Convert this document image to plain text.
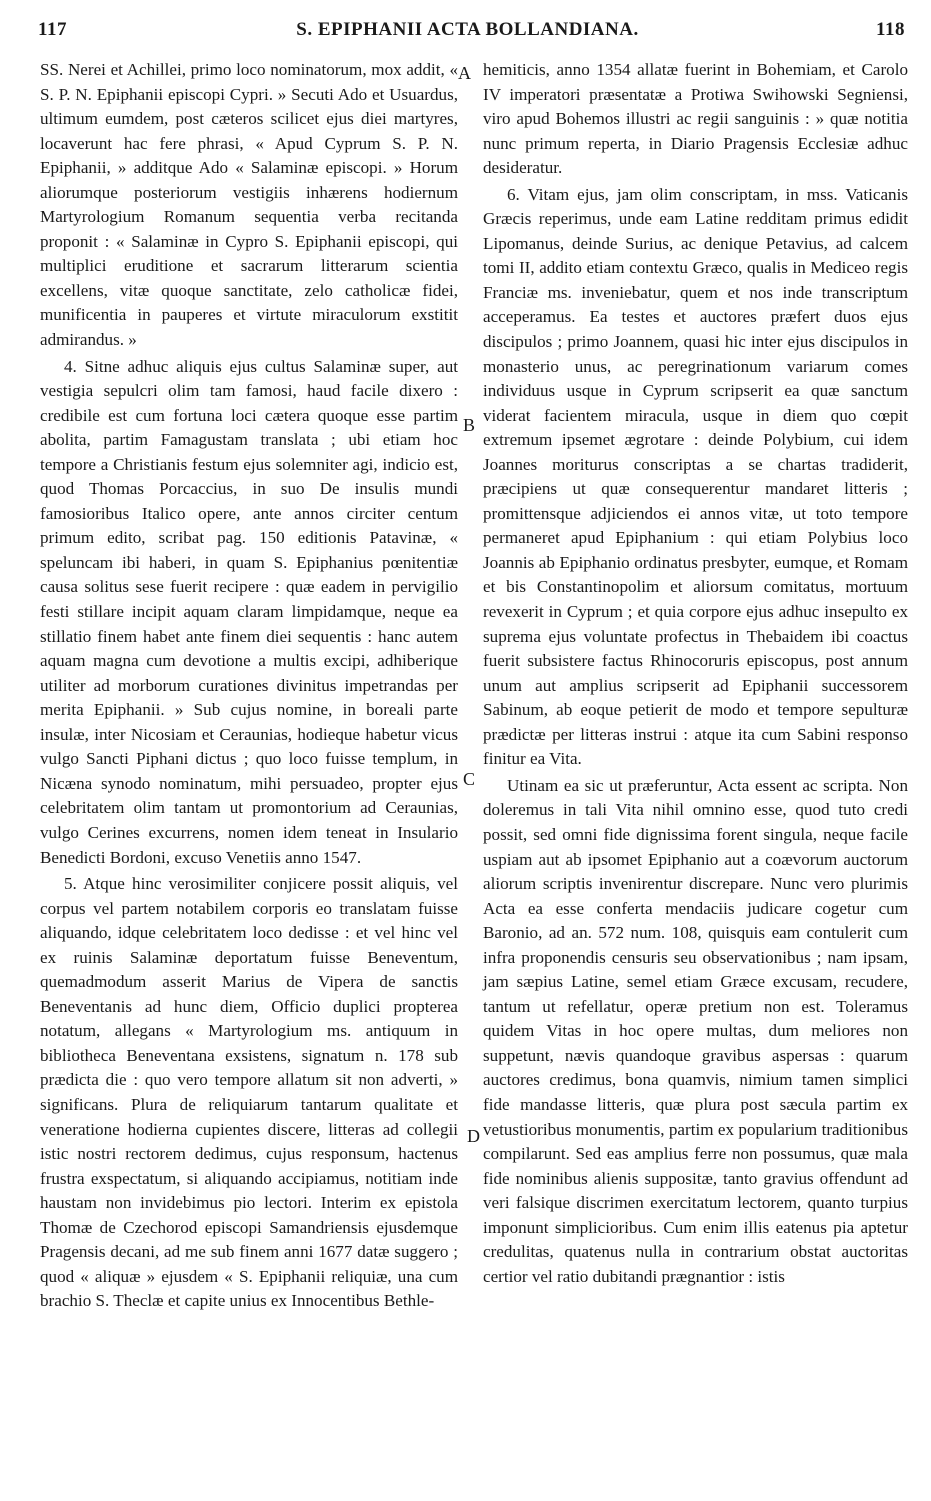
117	S. EPIPHANII ACTA BOLLANDIANA.	118

SS. Nerei et Achillei, primo loco nominatorum, mox addit, « S. P. N. Epiphanii episcopi Cypri. » Secuti Ado et Usuardus, ultimum eumdem, post cæteros scilicet ejus diei martyres, locaverunt hac fere phrasi, « Apud Cyprum S. P. N. Epiphanii, » additque Ado « Salaminæ episcopi. » Horum aliorumque posteriorum vestigiis inhærens hodiernum Martyrologium Romanum sequentia verba recitanda proponit : « Salaminæ in Cypro S. Epiphanii episcopi, qui multiplici eruditione et sacrarum litterarum scientia excellens, vitæ quoque sanctitate, zelo catholicæ fidei, munificentia in pauperes et virtute miraculorum exstitit admirandus. »

4. Sitne adhuc aliquis ejus cultus Salaminæ super, aut vestigia sepulcri olim tam famosi, haud facile dixero : credibile est cum fortuna loci cætera quoque esse partim abolita, partim Famagustam translata ; ubi etiam hoc tempore a Christianis festum ejus solemniter agi, indicio est, quod Thomas Porcaccius, in suo De insulis mundi famosioribus Italico opere, ante annos circiter centum primum edito, scribat pag. 150 editionis Patavinæ, « speluncam ibi haberi, in quam S. Epiphanius pœnitentiæ causa solitus sese fuerit recipere : quæ eadem in pervigilio festi stillare incipit aquam claram limpidamque, neque ea stillatio finem habet ante finem diei sequentis : hanc autem aquam magna cum devotione a multis excipi, adhiberique utiliter ad morborum curationes divinitus impetrandas per merita Epiphanii. » Sub cujus nomine, in boreali parte insulæ, inter Nicosiam et Ceraunias, hodieque habetur vicus vulgo Sancti Piphani dictus ; quo loco fuisse templum, in Nicæna synodo nominatum, mihi persuadeo, propter ejus celebritatem olim tantam ut promontorium ad Ceraunias, vulgo Cerines excurrens, nomen idem teneat in Insulario Benedicti Bordoni, excuso Venetiis anno 1547.

5. Atque hinc verosimiliter conjicere possit aliquis, vel corpus vel partem notabilem corporis eo translatam fuisse aliquando, idque celebritatem loco dedisse : et vel hinc vel ex ruinis Salaminæ deportatum fuisse Beneventum, quemadmodum asserit Marius de Vipera de sanctis Beneventanis ad hunc diem, Officio duplici propterea notatum, allegans « Martyrologium ms. antiquum in bibliotheca Beneventana exsistens, signatum n. 178 sub prædicta die : quo vero tempore allatum sit non adverti, » significans. Plura de reliquiarum tantarum qualitate et veneratione hodierna cupientes discere, litteras ad collegii istic nostri rectorem dedimus, cujus responsum, hactenus frustra exspectatum, si aliquando accipiamus, notitiam inde haustam non invidebimus pio lectori. Interim ex epistola Thomæ de Czechorod episcopi Samandriensis ejusdemque Pragensis decani, ad me sub finem anni 1677 datæ suggero ; quod « aliquæ » ejusdem « S. Epiphanii reliquiæ, una cum brachio S. Theclæ et capite unius ex Innocentibus Bethle-

hemiticis, anno 1354 allatæ fuerint in Bohemiam, et Carolo IV imperatori præsentatæ a Protiwa Swihowski Segniensi, viro apud Bohemos illustri ac regii sanguinis : » quæ notitia nunc primum reperta, in Diario Pragensis Ecclesiæ adhuc desideratur.

6. Vitam ejus, jam olim conscriptam, in mss. Vaticanis Græcis reperimus, unde eam Latine redditam primus edidit Lipomanus, deinde Surius, ac denique Petavius, ad calcem tomi II, addito etiam contextu Græco, qualis in Mediceo regis Franciæ ms. inveniebatur, quem et nos inde transcriptum acceperamus. Ea testes et auctores præfert duos ejus discipulos ; primo Joannem, quasi hic inter ejus discipulos in monasterio unus, ac peregrinationum variarum comes individuus usque in Cyprum scripserit ea quæ sanctum viderat facientem miracula, usque in diem quo cœpit extremum ipsemet ægrotare : deinde Polybium, cui idem Joannes moriturus conscriptas a se chartas tradiderit, præcipiens ut quæ consequerentur mandaret litteris ; promittensque adjiciendos ei annos vitæ, ut toto tempore permaneret apud Epiphanium : qui etiam Polybius loco Joannis ab Epiphanio ordinatus presbyter, eumque, et Romam et bis Constantinopolim et aliorsum comitatus, mortuum revexerit in Cyprum ; et quia corpore ejus adhuc insepulto ex suprema ejus voluntate profectus in Thebaidem ibi coactus fuerit subsistere factus Rhinocoruris episcopus, post annum unum aut amplius scripserit ad Epiphanii successorem Sabinum, ab eoque petierit de modo et tempore sepulturæ prædictæ per litteras instrui : atque ita cum Sabini responso finitur ea Vita.

Utinam ea sic ut præferuntur, Acta essent ac scripta. Non doleremus in tali Vita nihil omnino esse, quod tuto credi possit, sed omni fide dignissima forent singula, neque facile uspiam aut ab ipsomet Epiphanio aut a coævorum auctorum aliorum scriptis invenirentur discrepare. Nunc vero plurimis Acta ea esse conferta mendaciis judicare cogetur cum Baronio, ad an. 572 num. 108, quisquis eam contulerit cum infra proponendis censuris seu observationibus ; nam ipsam, jam sæpius Latine, semel etiam Græce excusam, recudere, tantum ut refellatur, operæ pretium non est. Toleramus quidem Vitas in hoc opere multas, dum meliores non suppetunt, nævis quandoque gravibus aspersas : quarum auctores credimus, bona quamvis, nimium tamen simplici fide mandasse litteris, quæ plura post sæcula partim ex vetustioribus monumentis, partim ex popularium traditionibus compilarunt. Sed eas amplius ferre non possumus, quæ mala fide nominibus alienis suppositæ, tanto gravius offendunt ad veri falsique discrimen exercitatum lectorem, quanto turpius imponunt simplicioribus. Cum enim illis eatenus pia aptetur credulitas, quatenus nulla in contrarium obstat auctoritas certior vel ratio dubitandi prægnantior : istis

A
B
C
D
